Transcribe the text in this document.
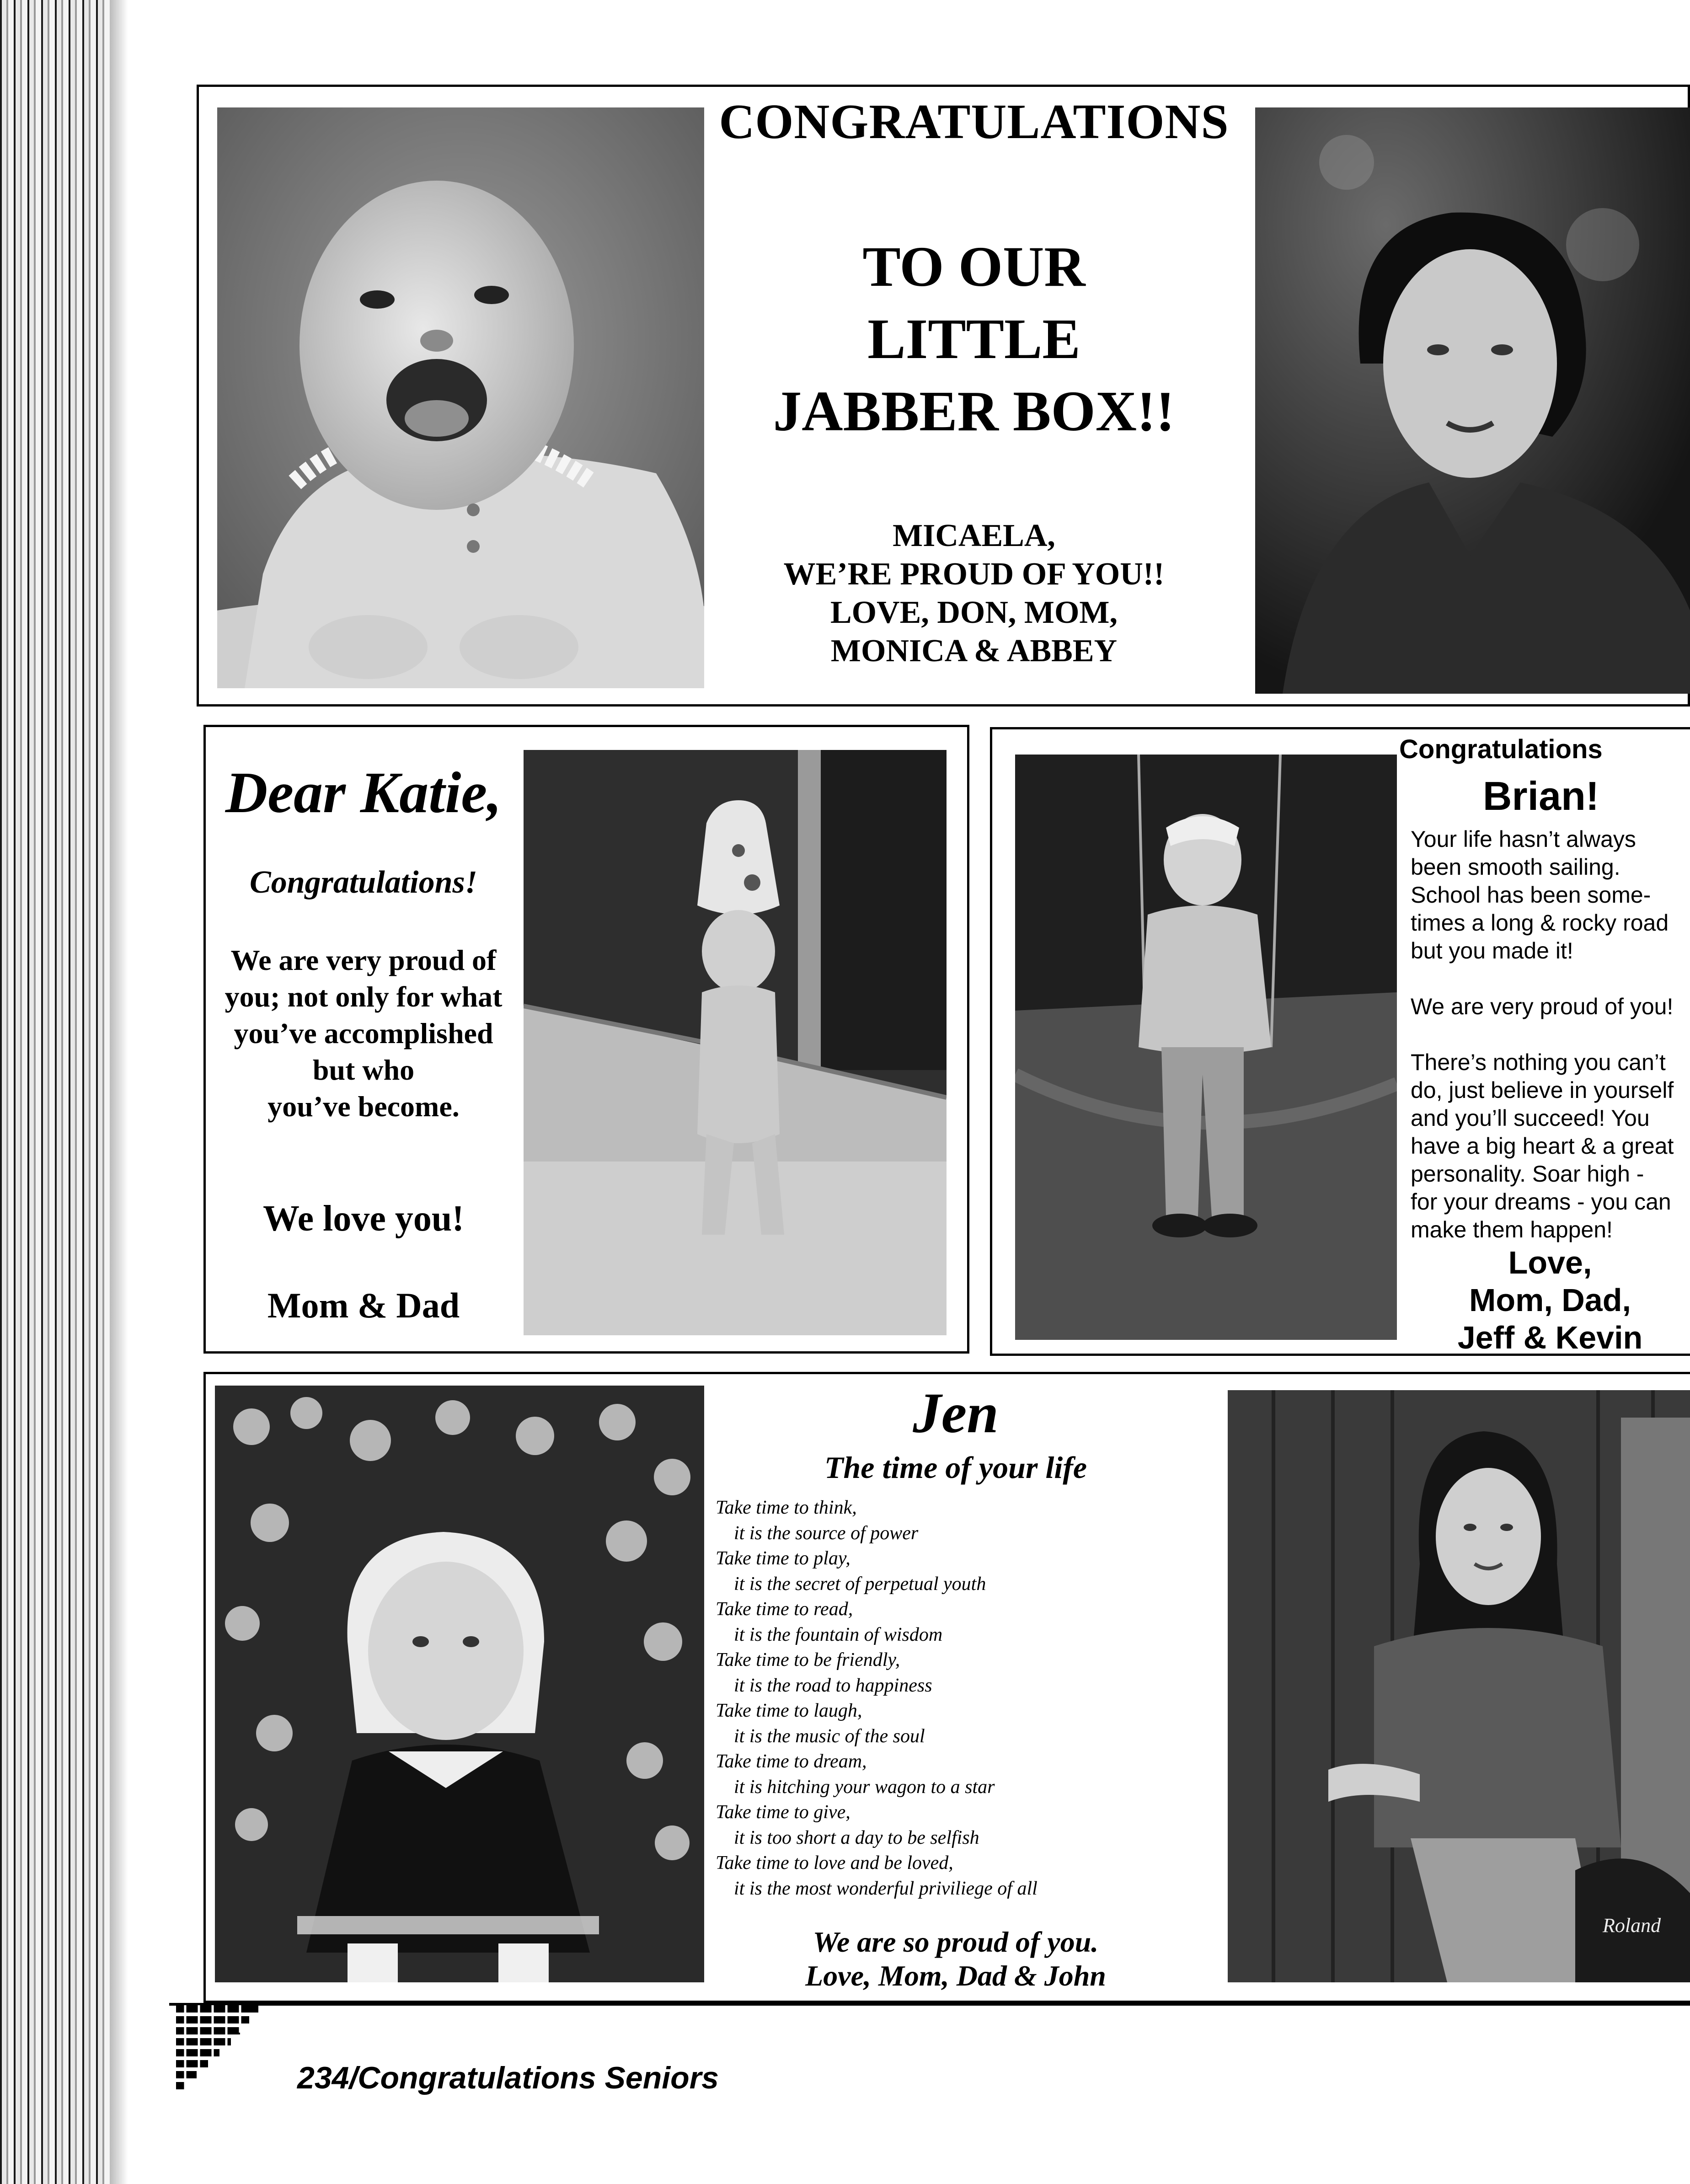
CONGRATULATIONS
TO OUR
LITTLE
JABBER BOX!!
MICAELA,
WE’RE PROUD OF YOU!!
LOVE, DON, MOM,
MONICA & ABBEY
Dear Katie,
Congratulations!
We are very proud of
you; not only for what
you’ve accomplished
but who
you’ve become.
We love you!
Mom & Dad
Congratulations
Brian!
Your life hasn’t always
been smooth sailing.
School has been some-
times a long & rocky road
but you made it!
We are very proud of you!
There’s nothing you can’t
do, just believe in yourself
and you’ll succeed! You
have a big heart & a great
personality. Soar high -
for your dreams - you can
make them happen!
Love,
Mom, Dad,
Jeff & Kevin
Jen
The time of your life
Take time to think,
it is the source of power
Take time to play,
it is the secret of perpetual youth
Take time to read,
it is the fountain of wisdom
Take time to be friendly,
it is the road to happiness
Take time to laugh,
it is the music of the soul
Take time to dream,
it is hitching your wagon to a star
Take time to give,
it is too short a day to be selfish
Take time to love and be loved,
it is the most wonderful priviliege of all
We are so proud of you.
Love, Mom, Dad & John
Roland
234/Congratulations Seniors
